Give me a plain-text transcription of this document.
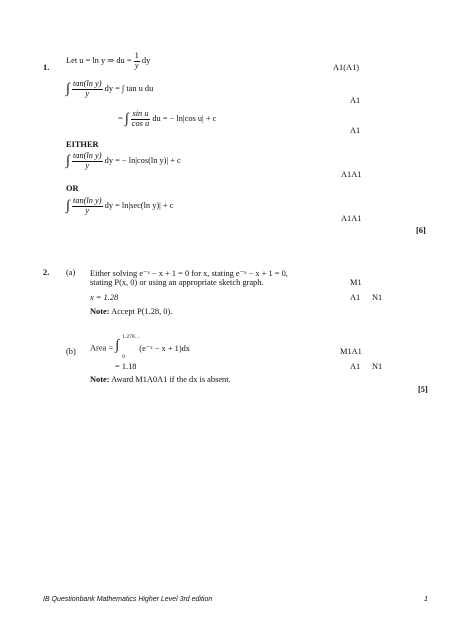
1.
Let u = ln y ⇒ du = $\frac{1}{y}$ dy
A1(A1)
∫ $\frac{\text{tan(ln y)}}{y}$ dy = ∫ tan u du
A1
= ∫ $\frac{\text{sin u}}{\text{cos u}}$ du = − ln|cos u| + c
A1
EITHER
∫ $\frac{\text{tan(ln y)}}{y}$ dy = − ln|cos(ln y)| + c
A1A1
OR
∫ $\frac{\text{tan(ln y)}}{y}$ dy = ln|sec(ln y)| + c
A1A1
[6]
2. (a) Either solving e⁻ˣ − x + 1 = 0 for x, stating e⁻ˣ − x + 1 = 0,
stating P(x, 0) or using an appropriate sketch graph.	M1
x = 1.28	A1 N1
Note: Accept P(1.28, 0).
(b) Area = ∫
1.278…
0
(e⁻ˣ − x + 1)dx	M1A1
= 1.18	A1 N1
Note: Award M1A0A1 if the dx is absent.
[5]
IB Questionbank Mathematics Higher Level 3rd edition	1
